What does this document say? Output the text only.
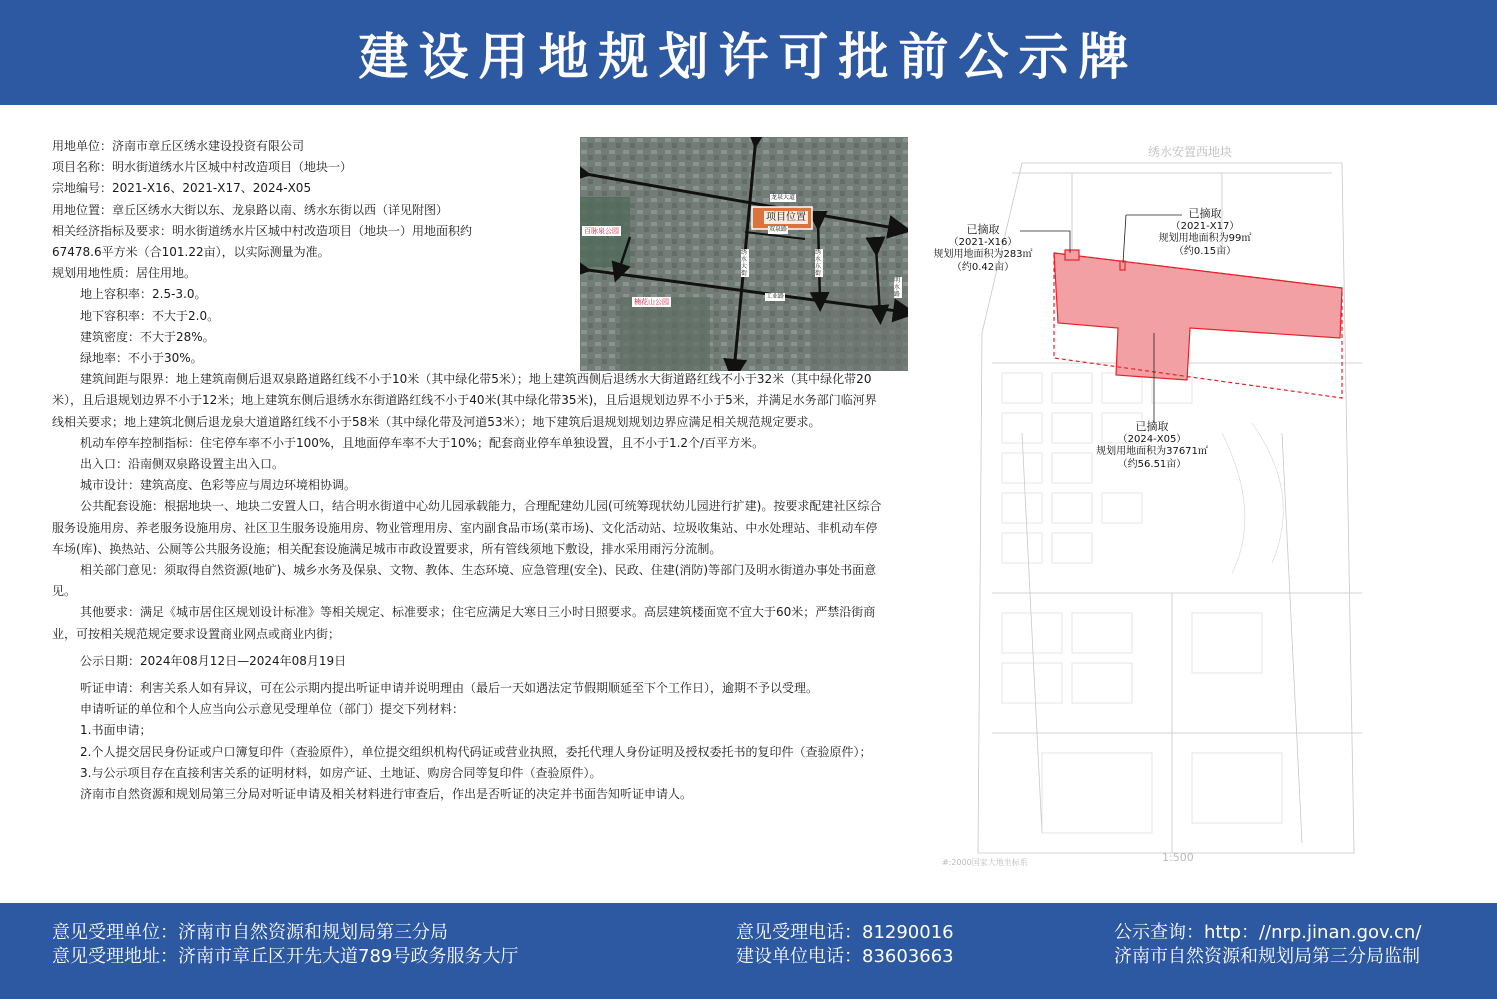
建设用地规划许可批前公示牌

用地单位：济南市章丘区绣水建设投资有限公司

项目名称：明水街道绣水片区城中村改造项目（地块一）

宗地编号：2021-X16、2021-X17、2024-X05

用地位置：章丘区绣水大街以东、龙泉路以南、绣水东街以西（详见附图）

相关经济指标及要求：明水街道绣水片区城中村改造项目（地块一）用地面积约

67478.6平方米（合101.22亩），以实际测量为准。

规划用地性质：居住用地。

地上容积率：2.5-3.0。

地下容积率：不大于2.0。

建筑密度：不大于28%。

绿地率：不小于30%。

建筑间距与限界：地上建筑南侧后退双泉路道路红线不小于10米（其中绿化带5米）；地上建筑西侧后退绣水大街道路红线不小于32米（其中绿化带20米），且后退规划边界不小于12米；地上建筑东侧后退绣水东街道路红线不小于40米(其中绿化带35米)，且后退规划边界不小于5米，并满足水务部门临河界线相关要求；地上建筑北侧后退龙泉大道道路红线不小于58米（其中绿化带及河道53米）；地下建筑后退规划规划边界应满足相关规范规定要求。

机动车停车控制指标：住宅停车率不小于100%，且地面停车率不大于10%；配套商业停车单独设置，且不小于1.2个/百平方米。

出入口：沿南侧双泉路设置主出入口。

城市设计：建筑高度、色彩等应与周边环境相协调。

公共配套设施：根据地块一、地块二安置人口，结合明水街道中心幼儿园承载能力，合理配建幼儿园(可统筹现状幼儿园进行扩建)。按要求配建社区综合服务设施用房、养老服务设施用房、社区卫生服务设施用房、物业管理用房、室内副食品市场(菜市场)、文化活动站、垃圾收集站、中水处理站、非机动车停车场(库)、换热站、公厕等公共服务设施；相关配套设施满足城市市政设置要求，所有管线须地下敷设，排水采用雨污分流制。

相关部门意见：须取得自然资源(地矿)、城乡水务及保泉、文物、教体、生态环境、应急管理(安全)、民政、住建(消防)等部门及明水街道办事处书面意见。

其他要求：满足《城市居住区规划设计标准》等相关规定、标准要求；住宅应满足大寒日三小时日照要求。高层建筑楼面宽不宜大于60米；严禁沿街商业，可按相关规范规定要求设置商业网点或商业内街；

公示日期：2024年08月12日—2024年08月19日

听证申请：利害关系人如有异议，可在公示期内提出听证申请并说明理由（最后一天如遇法定节假期顺延至下个工作日），逾期不予以受理。

申请听证的单位和个人应当向公示意见受理单位（部门）提交下列材料：

1.书面申请；

2.个人提交居民身份证或户口簿复印件（查验原件），单位提交组织机构代码证或营业执照，委托代理人身份证明及授权委托书的复印件（查验原件）；

3.与公示项目存在直接利害关系的证明材料，如房产证、土地证、购房合同等复印件（查验原件）。

济南市自然资源和规划局第三分局对听证申请及相关材料进行审查后，作出是否听证的决定并书面告知听证申请人。

项目位置
百脉泉公园
楠花山公园
龙泉大道
双泉路
工业路
绣水大街
绣水东街
明水路
绣水安置西地块
已摘取
（2021-X16）
规划用地面积为283㎡
（约0.42亩）
已摘取
（2021-X17）
规划用地面积为99㎡
（约0.15亩）
已摘取
（2024-X05）
规划用地面积为37671㎡
（约56.51亩）
#:2000国家大地坐标系	1:500
意见受理单位：济南市自然资源和规划局第三分局
意见受理地址：济南市章丘区开先大道789号政务服务大厅
意见受理电话：81290016
建设单位电话：83603663
公示查询：http：//nrp.jinan.gov.cn/
济南市自然资源和规划局第三分局监制
